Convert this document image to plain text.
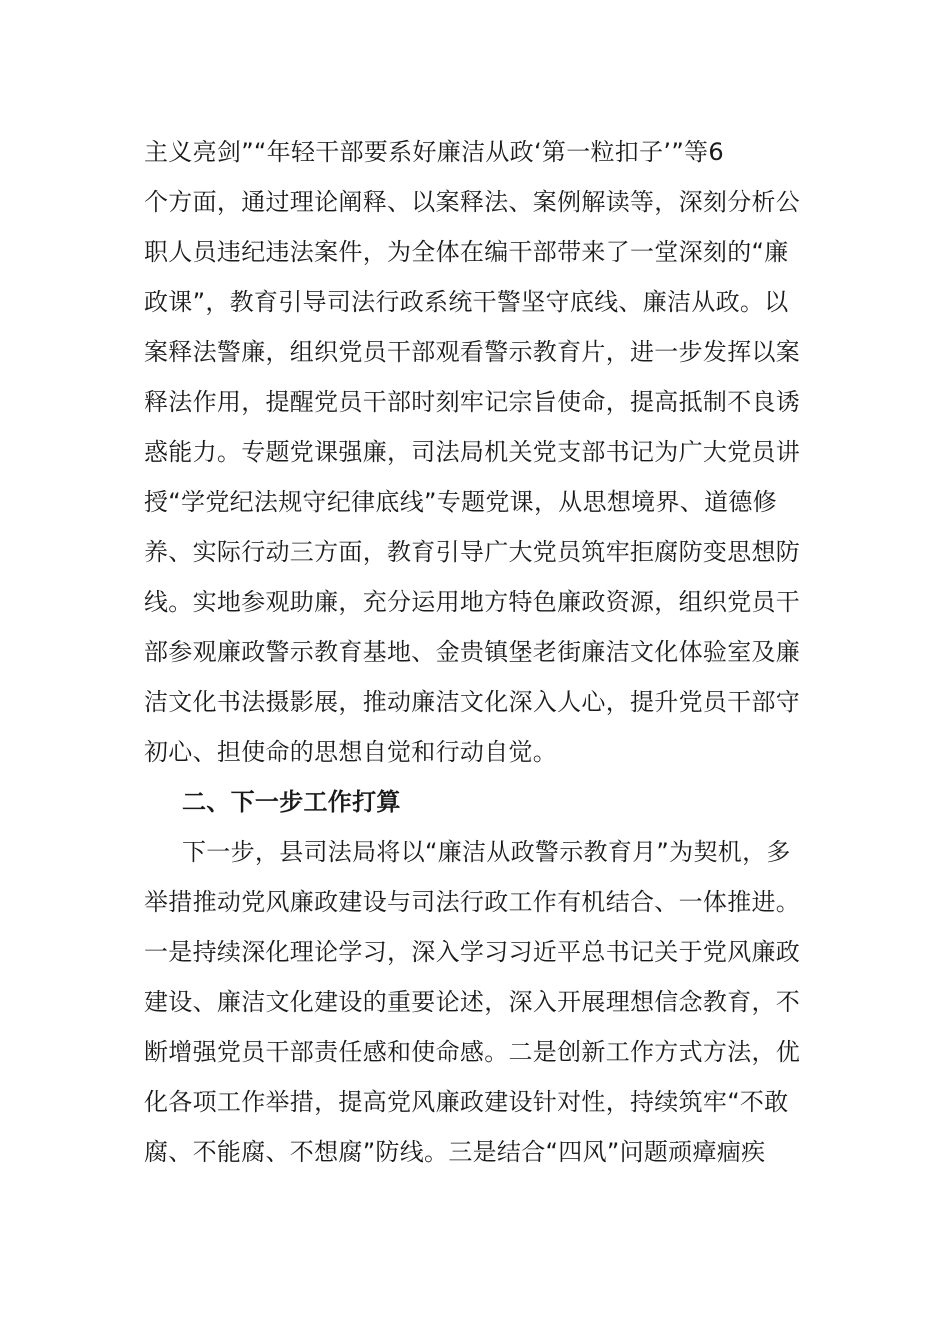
主义亮剑”“年轻干部要系好廉洁从政‘第一粒扣子’”等6
个方面，通过理论阐释、以案释法、案例解读等，深刻分析公
职人员违纪违法案件，为全体在编干部带来了一堂深刻的“廉
政课”，教育引导司法行政系统干警坚守底线、廉洁从政。以
案释法警廉，组织党员干部观看警示教育片，进一步发挥以案
释法作用，提醒党员干部时刻牢记宗旨使命，提高抵制不良诱
惑能力。专题党课强廉，司法局机关党支部书记为广大党员讲
授“学党纪法规守纪律底线”专题党课，从思想境界、道德修
养、实际行动三方面，教育引导广大党员筑牢拒腐防变思想防
线。实地参观助廉，充分运用地方特色廉政资源，组织党员干
部参观廉政警示教育基地、金贵镇堡老街廉洁文化体验室及廉
洁文化书法摄影展，推动廉洁文化深入人心，提升党员干部守
初心、担使命的思想自觉和行动自觉。
二、下一步工作打算
下一步，县司法局将以“廉洁从政警示教育月”为契机，多
举措推动党风廉政建设与司法行政工作有机结合、一体推进。
一是持续深化理论学习，深入学习习近平总书记关于党风廉政
建设、廉洁文化建设的重要论述，深入开展理想信念教育，不
断增强党员干部责任感和使命感。二是创新工作方式方法，优
化各项工作举措，提高党风廉政建设针对性，持续筑牢“不敢
腐、不能腐、不想腐”防线。三是结合“四风”问题顽瘴痼疾
